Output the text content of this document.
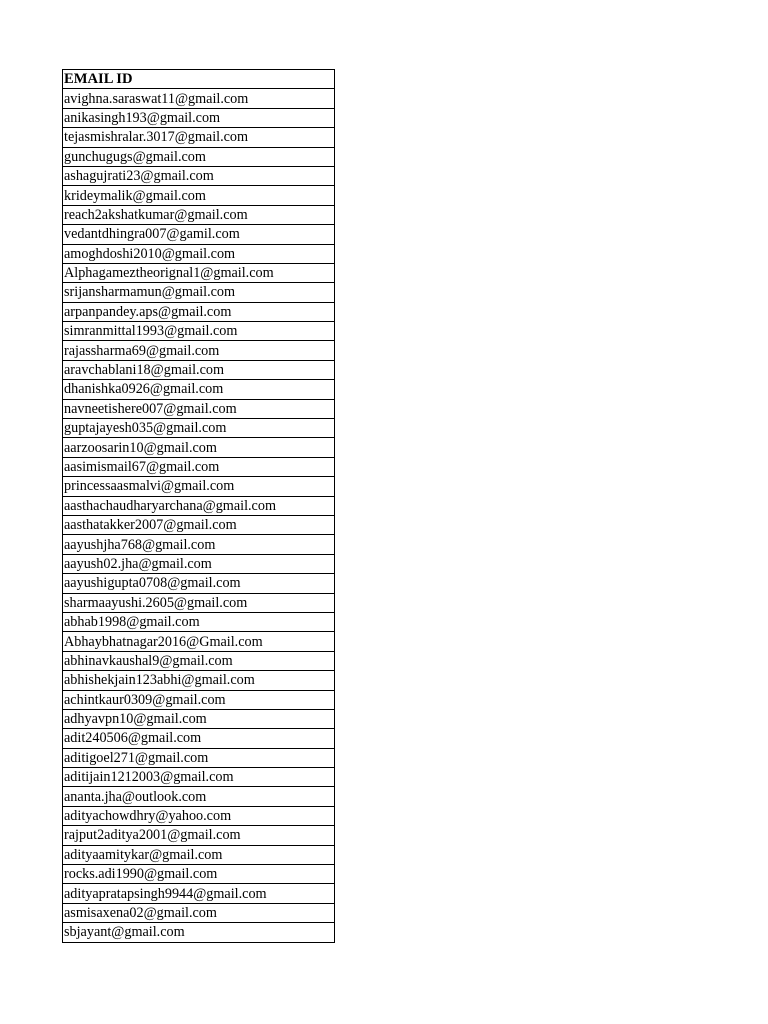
EMAIL ID
avighna.saraswat11@gmail.com
anikasingh193@gmail.com
tejasmishralar.3017@gmail.com
gunchugugs@gmail.com
ashagujrati23@gmail.com
krideymalik@gmail.com
reach2akshatkumar@gmail.com
vedantdhingra007@gamil.com
amoghdoshi2010@gmail.com
Alphagameztheorignal1@gmail.com
srijansharmamun@gmail.com
arpanpandey.aps@gmail.com
simranmittal1993@gmail.com
rajassharma69@gmail.com
aravchablani18@gmail.com
dhanishka0926@gmail.com
navneetishere007@gmail.com
guptajayesh035@gmail.com
aarzoosarin10@gmail.com
aasimismail67@gmail.com
princessaasmalvi@gmail.com
aasthachaudharyarchana@gmail.com
aasthatakker2007@gmail.com
aayushjha768@gmail.com
aayush02.jha@gmail.com
aayushigupta0708@gmail.com
sharmaayushi.2605@gmail.com
abhab1998@gmail.com
Abhaybhatnagar2016@Gmail.com
abhinavkaushal9@gmail.com
abhishekjain123abhi@gmail.com
achintkaur0309@gmail.com
adhyavpn10@gmail.com
adit240506@gmail.com
aditigoel271@gmail.com
aditijain1212003@gmail.com
ananta.jha@outlook.com
adityachowdhry@yahoo.com
rajput2aditya2001@gmail.com
adityaamitykar@gmail.com
rocks.adi1990@gmail.com
adityapratapsingh9944@gmail.com
asmisaxena02@gmail.com
sbjayant@gmail.com
